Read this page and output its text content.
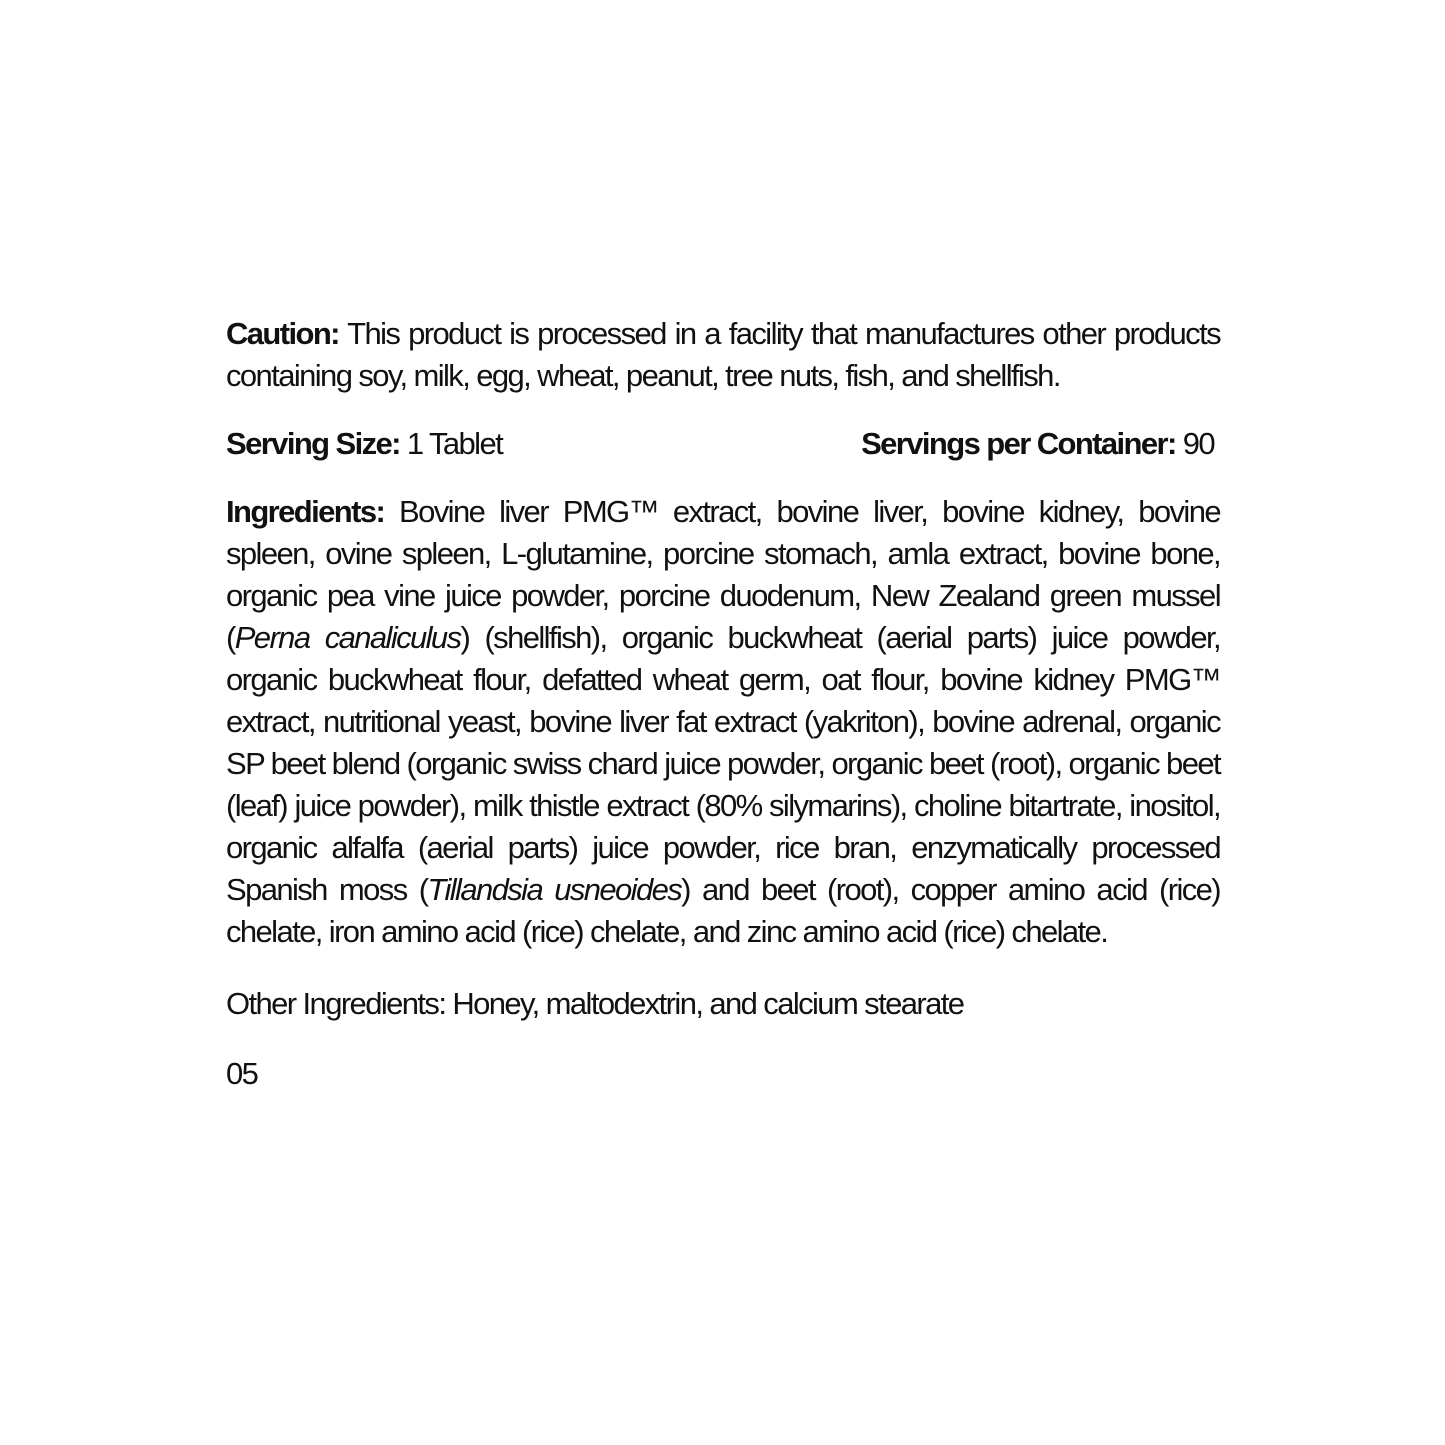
Caution: This product is processed in a facility that manufactures other products containing soy, milk, egg, wheat, peanut, tree nuts, fish, and shellfish.

Serving Size: 1 Tablet	Servings per Container: 90

Ingredients: Bovine liver PMG™ extract, bovine liver, bovine kidney, bovine spleen, ovine spleen, L-glutamine, porcine stomach, amla extract, bovine bone, organic pea vine juice powder, porcine duodenum, New Zealand green mussel (Perna canaliculus) (shellfish), organic buckwheat (aerial parts) juice powder, organic buckwheat flour, defatted wheat germ, oat flour, bovine kidney PMG™ extract, nutritional yeast, bovine liver fat extract (yakriton), bovine adrenal, organic SP beet blend (organic swiss chard juice powder, organic beet (root), organic beet (leaf) juice powder), milk thistle extract (80% silymarins), choline bitartrate, inositol, organic alfalfa (aerial parts) juice powder, rice bran, enzymatically processed Spanish moss (Tillandsia usneoides) and beet (root), copper amino acid (rice) chelate, iron amino acid (rice) chelate, and zinc amino acid (rice) chelate.

Other Ingredients: Honey, maltodextrin, and calcium stearate

05
